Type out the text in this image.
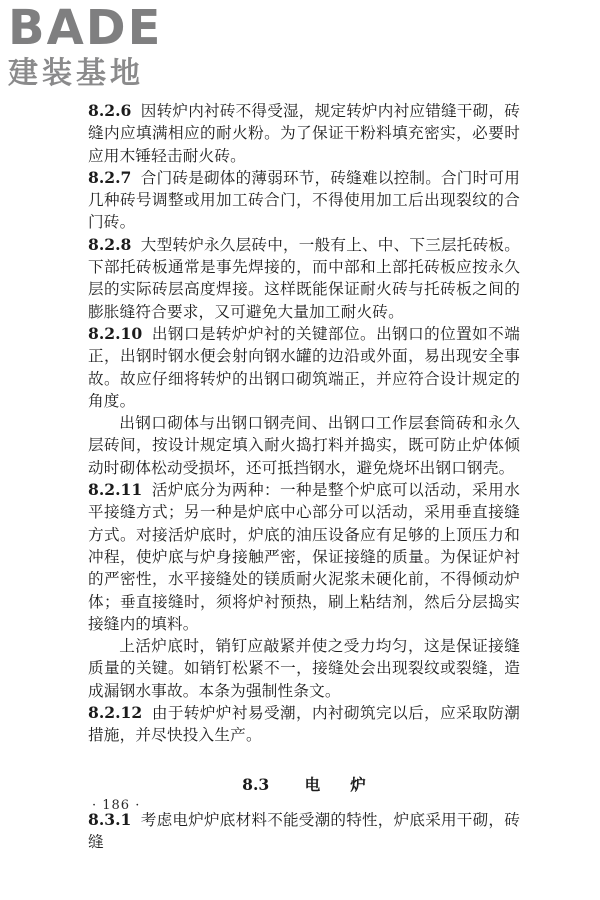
BADE
建装基地

8.2.6 因转炉内衬砖不得受湿，规定转炉内衬应错缝干砌，砖缝内应填满相应的耐火粉。为了保证干粉料填充密实，必要时应用木锤轻击耐火砖。

8.2.7 合门砖是砌体的薄弱环节，砖缝难以控制。合门时可用几种砖号调整或用加工砖合门，不得使用加工后出现裂纹的合门砖。

8.2.8 大型转炉永久层砖中，一般有上、中、下三层托砖板。下部托砖板通常是事先焊接的，而中部和上部托砖板应按永久层的实际砖层高度焊接。这样既能保证耐火砖与托砖板之间的膨胀缝符合要求，又可避免大量加工耐火砖。

8.2.10 出钢口是转炉炉衬的关键部位。出钢口的位置如不端正，出钢时钢水便会射向钢水罐的边沿或外面，易出现安全事故。故应仔细将转炉的出钢口砌筑端正，并应符合设计规定的角度。

出钢口砌体与出钢口钢壳间、出钢口工作层套筒砖和永久层砖间，按设计规定填入耐火捣打料并捣实，既可防止炉体倾动时砌体松动受损坏，还可抵挡钢水，避免烧坏出钢口钢壳。

8.2.11 活炉底分为两种：一种是整个炉底可以活动，采用水平接缝方式；另一种是炉底中心部分可以活动，采用垂直接缝方式。对接活炉底时，炉底的油压设备应有足够的上顶压力和冲程，使炉底与炉身接触严密，保证接缝的质量。为保证炉衬的严密性，水平接缝处的镁质耐火泥浆未硬化前，不得倾动炉体；垂直接缝时，须将炉衬预热，刷上粘结剂，然后分层捣实接缝内的填料。

上活炉底时，销钉应敲紧并使之受力均匀，这是保证接缝质量的关键。如销钉松紧不一，接缝处会出现裂纹或裂缝，造成漏钢水事故。本条为强制性条文。

8.2.12 由于转炉炉衬易受潮，内衬砌筑完以后，应采取防潮措施，并尽快投入生产。

8.3 电 炉

8.3.1 考虑电炉炉底材料不能受潮的特性，炉底采用干砌，砖缝

· 186 ·
